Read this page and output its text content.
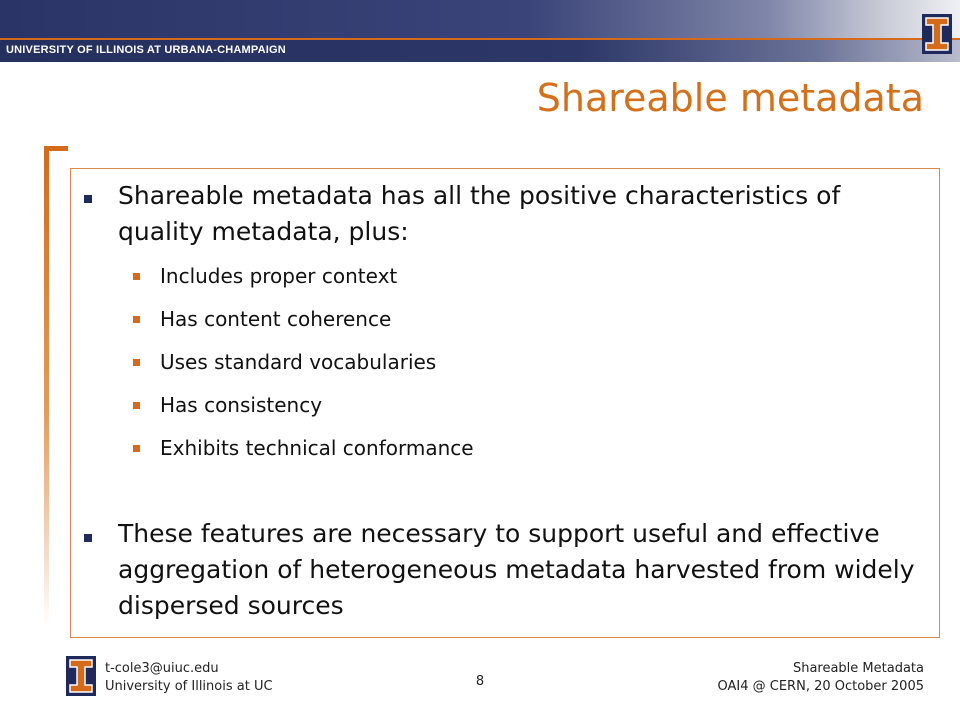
UNIVERSITY OF ILLINOIS AT URBANA-CHAMPAIGN
Shareable metadata
Shareable metadata has all the positive characteristics of quality metadata, plus:
Includes proper context
Has content coherence
Uses standard vocabularies
Has consistency
Exhibits technical conformance
These features are necessary to support useful and effective aggregation of heterogeneous metadata harvested from widely dispersed sources
t-cole3@uiuc.edu
University of Illinois at UC	8
Shareable Metadata
OAI4 @ CERN, 20 October 2005
